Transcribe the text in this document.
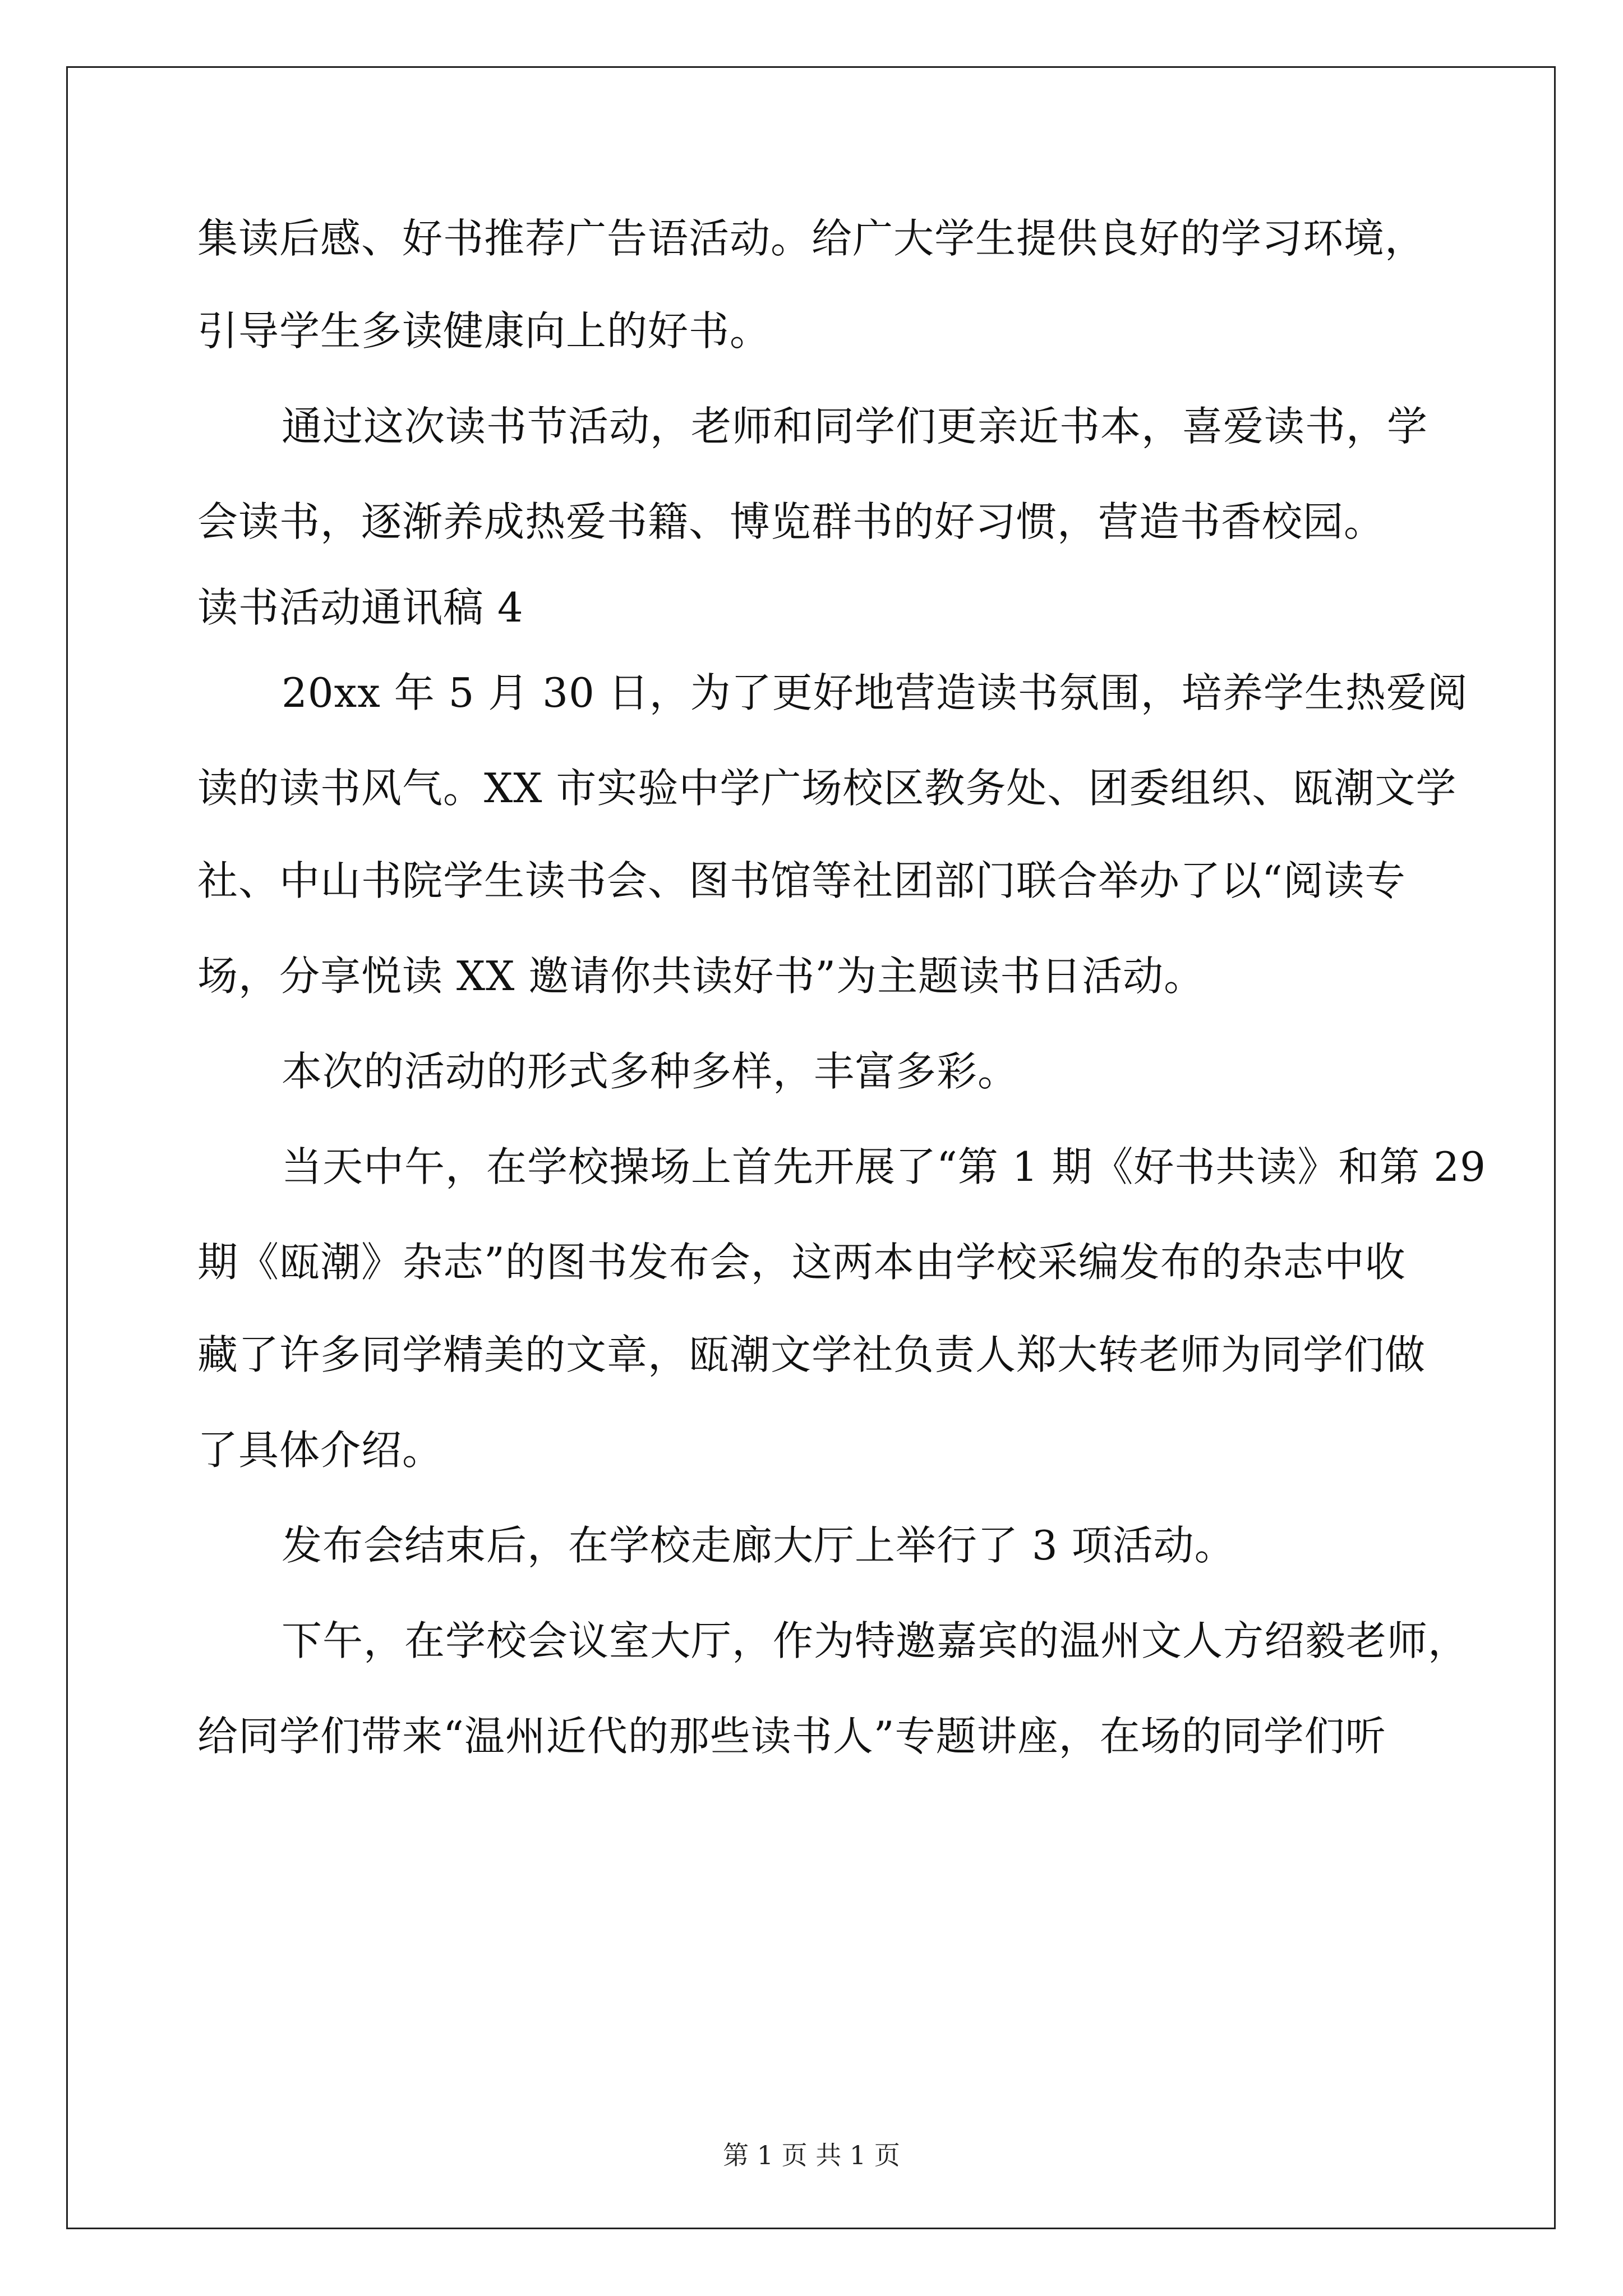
集读后感、好书推荐广告语活动。给广大学生提供良好的学习环境，
引导学生多读健康向上的好书。
通过这次读书节活动，老师和同学们更亲近书本，喜爱读书，学
会读书，逐渐养成热爱书籍、博览群书的好习惯，营造书香校园。
读书活动通讯稿 4
20xx 年 5 月 30 日，为了更好地营造读书氛围，培养学生热爱阅
读的读书风气。XX 市实验中学广场校区教务处、团委组织、瓯潮文学
社、中山书院学生读书会、图书馆等社团部门联合举办了以“阅读专
场，分享悦读 XX 邀请你共读好书”为主题读书日活动。
本次的活动的形式多种多样，丰富多彩。
当天中午，在学校操场上首先开展了“第 1 期《好书共读》和第 29
期《瓯潮》杂志”的图书发布会，这两本由学校采编发布的杂志中收
藏了许多同学精美的文章，瓯潮文学社负责人郑大转老师为同学们做
了具体介绍。
发布会结束后，在学校走廊大厅上举行了 3 项活动。
下午，在学校会议室大厅，作为特邀嘉宾的温州文人方绍毅老师，
给同学们带来“温州近代的那些读书人”专题讲座，在场的同学们听
第 1 页 共 1 页
